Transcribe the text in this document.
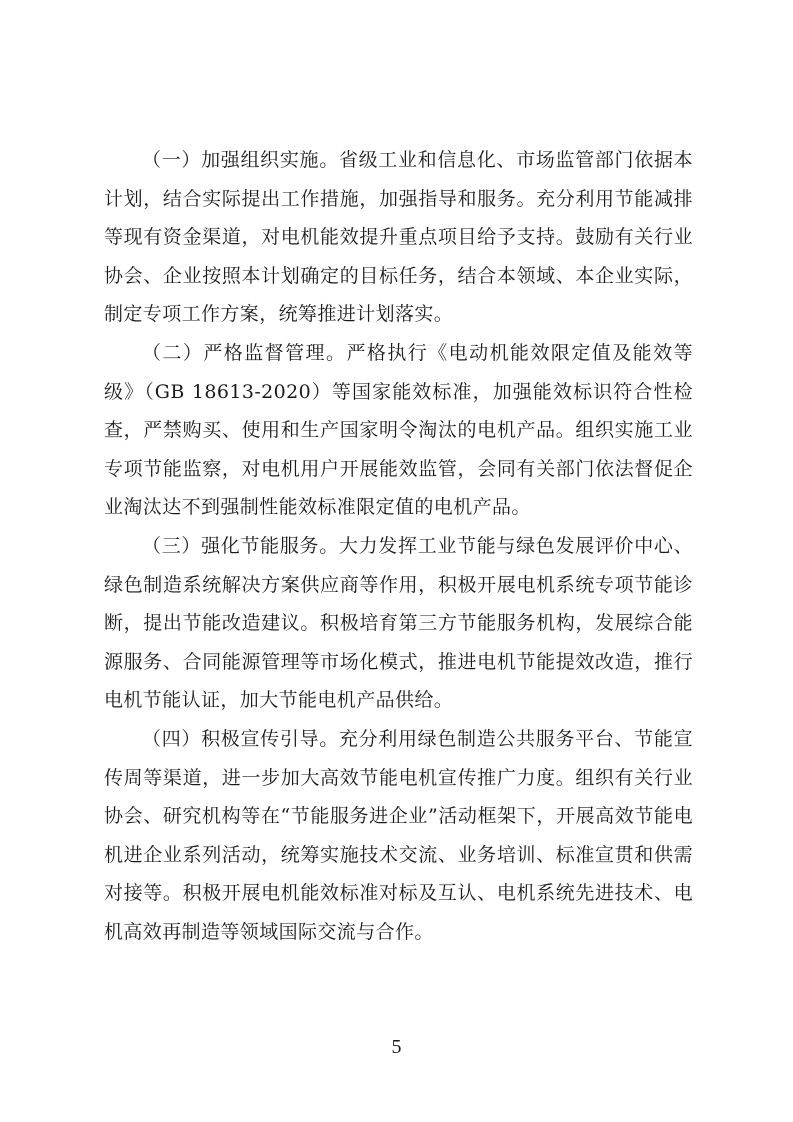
（一）加强组织实施。省级工业和信息化、市场监管部门依据本计划，结合实际提出工作措施，加强指导和服务。充分利用节能减排等现有资金渠道，对电机能效提升重点项目给予支持。鼓励有关行业协会、企业按照本计划确定的目标任务，结合本领域、本企业实际，制定专项工作方案，统筹推进计划落实。

（二）严格监督管理。严格执行《电动机能效限定值及能效等级》（GB 18613-2020）等国家能效标准，加强能效标识符合性检查，严禁购买、使用和生产国家明令淘汰的电机产品。组织实施工业专项节能监察，对电机用户开展能效监管，会同有关部门依法督促企业淘汰达不到强制性能效标准限定值的电机产品。

（三）强化节能服务。大力发挥工业节能与绿色发展评价中心、绿色制造系统解决方案供应商等作用，积极开展电机系统专项节能诊断，提出节能改造建议。积极培育第三方节能服务机构，发展综合能源服务、合同能源管理等市场化模式，推进电机节能提效改造，推行电机节能认证，加大节能电机产品供给。

（四）积极宣传引导。充分利用绿色制造公共服务平台、节能宣传周等渠道，进一步加大高效节能电机宣传推广力度。组织有关行业协会、研究机构等在“节能服务进企业”活动框架下，开展高效节能电机进企业系列活动，统筹实施技术交流、业务培训、标准宣贯和供需对接等。积极开展电机能效标准对标及互认、电机系统先进技术、电机高效再制造等领域国际交流与合作。

5
